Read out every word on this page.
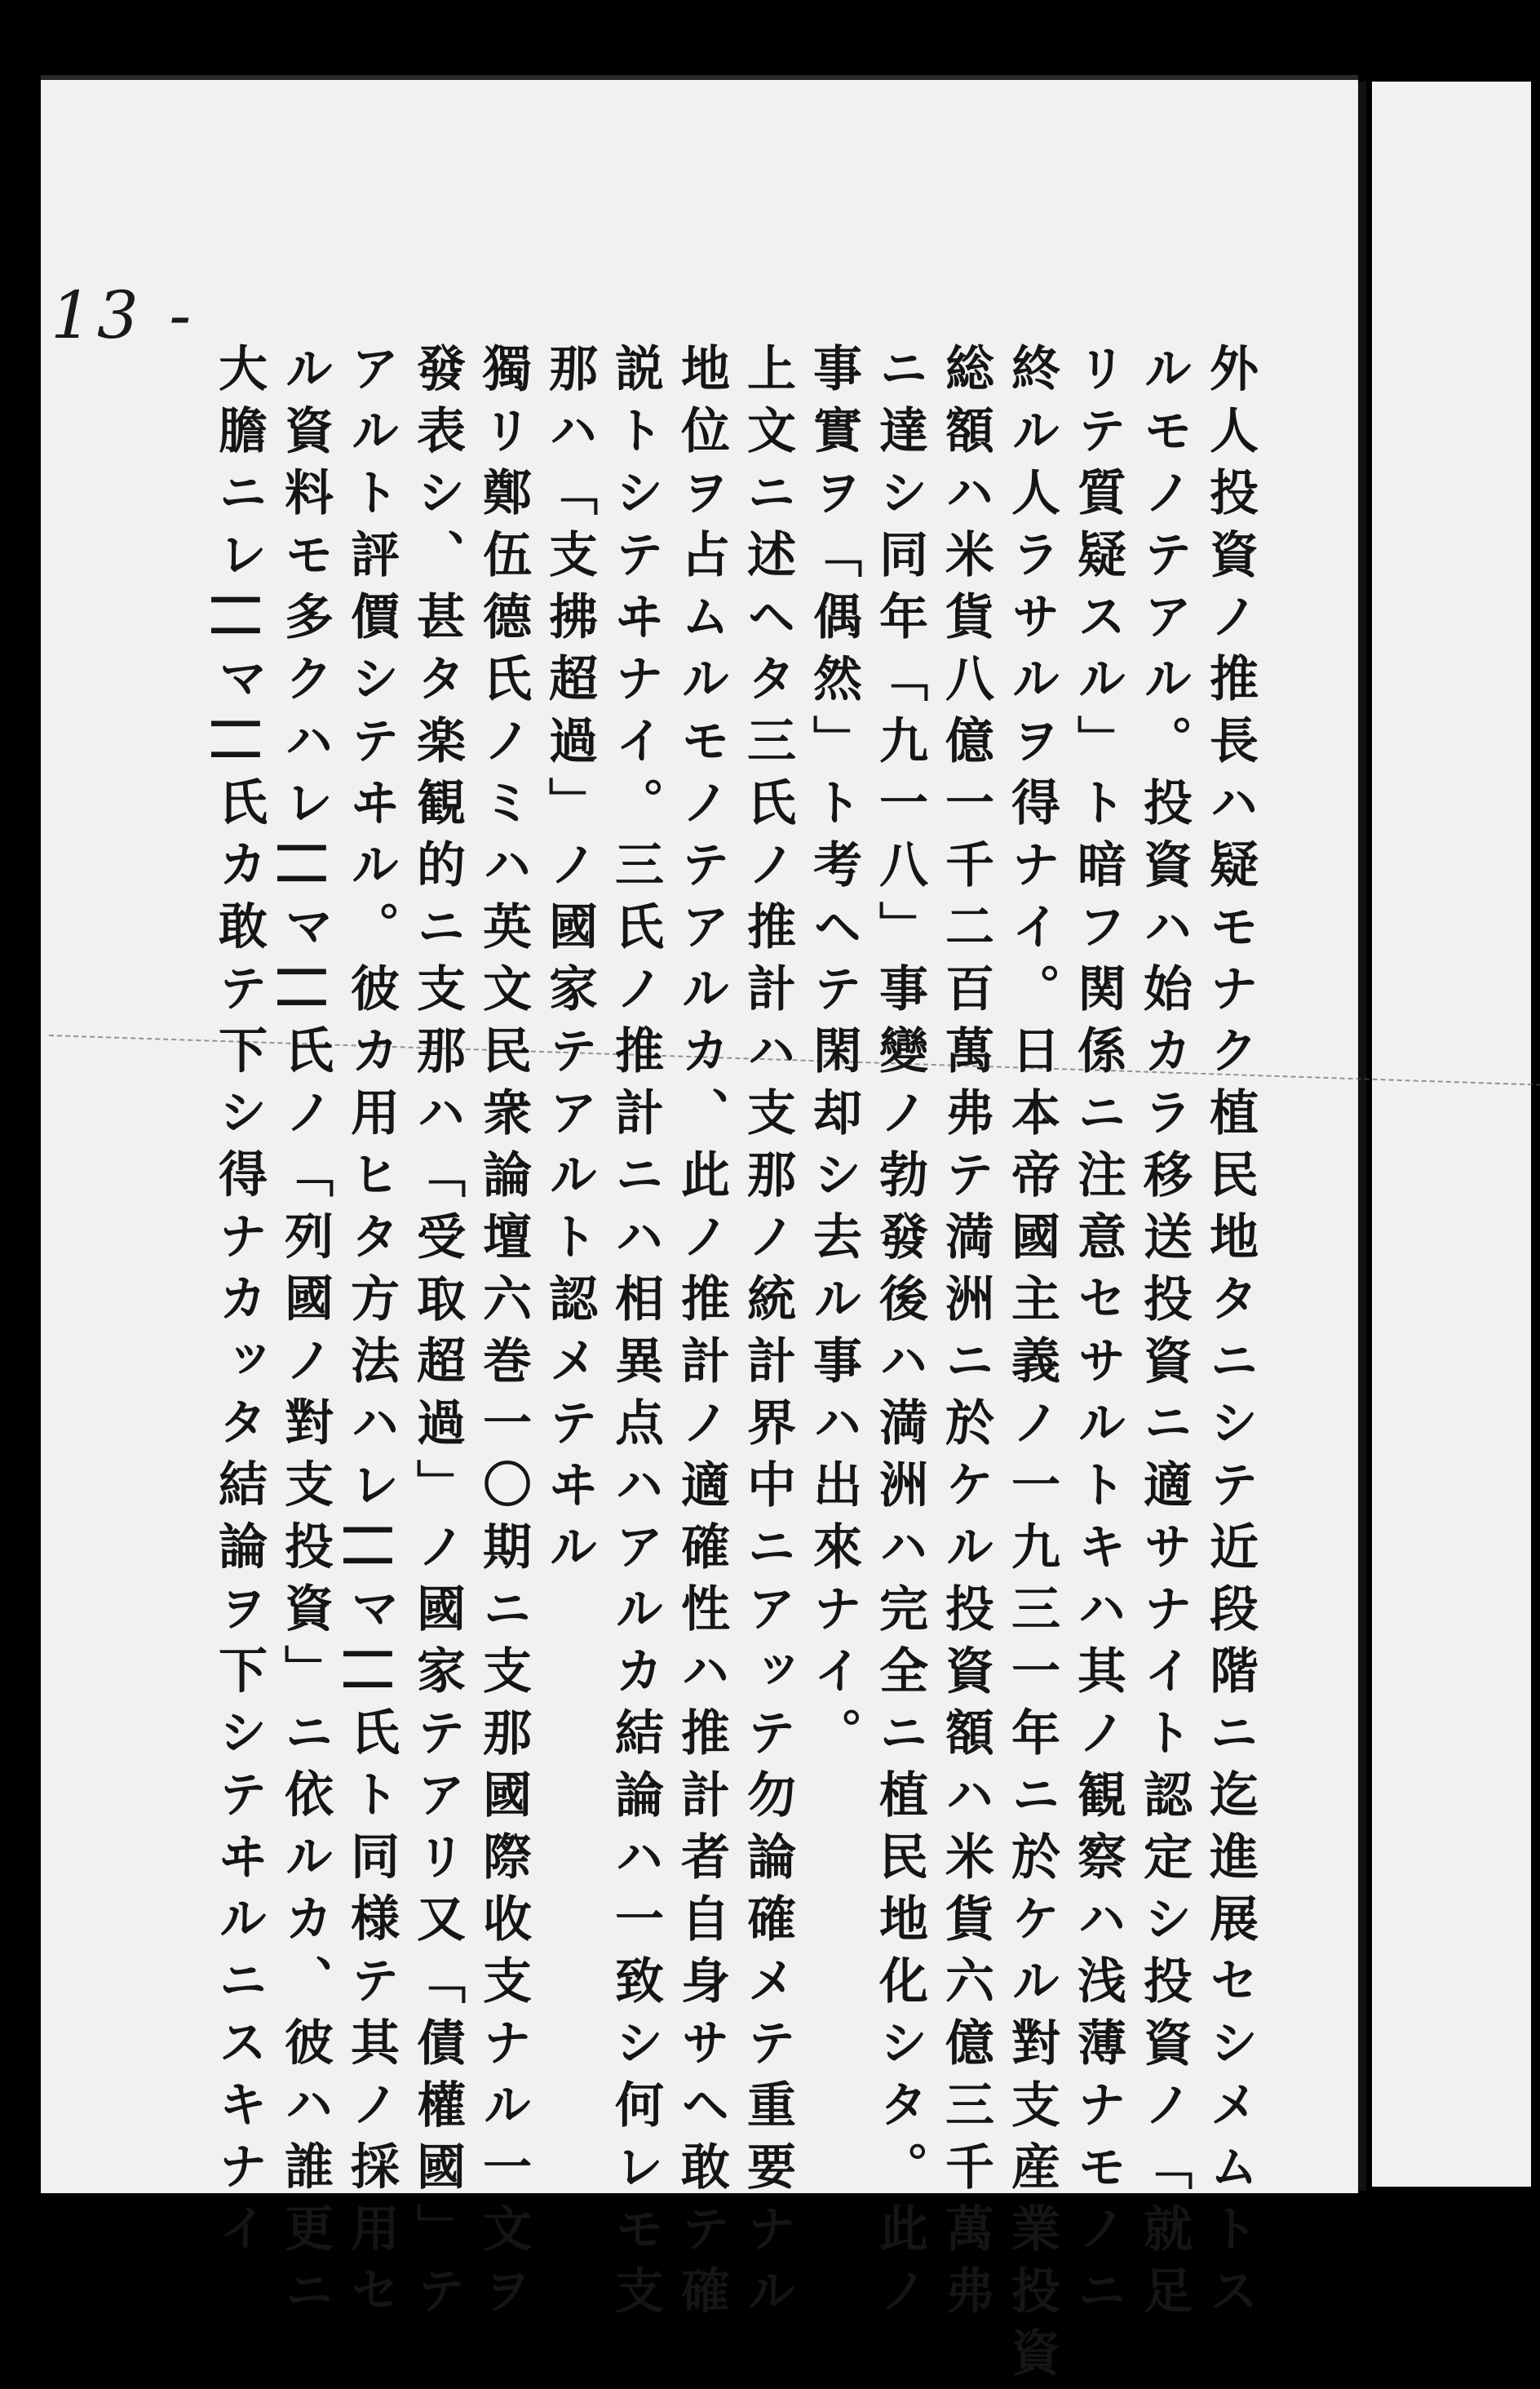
13 -
外人投資ノ推長ハ疑モナク植民地タニシテ近段階ニ迄進展セシメムトス
ルモノテアル。投資ハ始カラ移送投資ニ適サナイト認定シ投資ノ「就足
リテ質疑スル」ト暗フ関係ニ注意セサルトキハ其ノ観察ハ浅薄ナモノニ
終ル人ラサルヲ得ナイ。日本帝國主義ノ一九三一年ニ於ケル對支産業投資
総額ハ米貨八億一千二百萬弗テ満洲ニ於ケル投資額ハ米貨六億三千萬弗
ニ達シ同年「九一八」事變ノ勃發後ハ満洲ハ完全ニ植民地化シタ。此ノ
事實ヲ「偶然」ト考ヘテ閑却シ去ル事ハ出來ナイ。
上文ニ述ヘタ三氏ノ推計ハ支那ノ統計界中ニアッテ勿論確メテ重要ナル
地位ヲ占ムルモノテアルカ、此ノ推計ノ適確性ハ推計者自身サヘ敢テ確
説トシテヰナイ。三氏ノ推計ニハ相異点ハアルカ結論ハ一致シ何レモ支
那ハ「支拂超過」ノ國家テアルト認メテヰル
獨リ鄭伍德氏ノミハ英文民衆論壇六巻一〇期ニ支那國際收支ナル一文ヲ
發表シ、甚タ楽観的ニ支那ハ「受取超過」ノ國家テアリ又「債權國」テ
アルト評價シテヰル。彼カ用ヒタ方法ハレ||マ||氏ト同様テ其ノ採用セ
ル資料モ多クハレ||マ||氏ノ「列國ノ對支投資」ニ依ルカ、彼ハ誰更ニ
大膽ニレ||マ||氏カ敢テ下シ得ナカッタ結論ヲ下シテヰルニスキナイ
